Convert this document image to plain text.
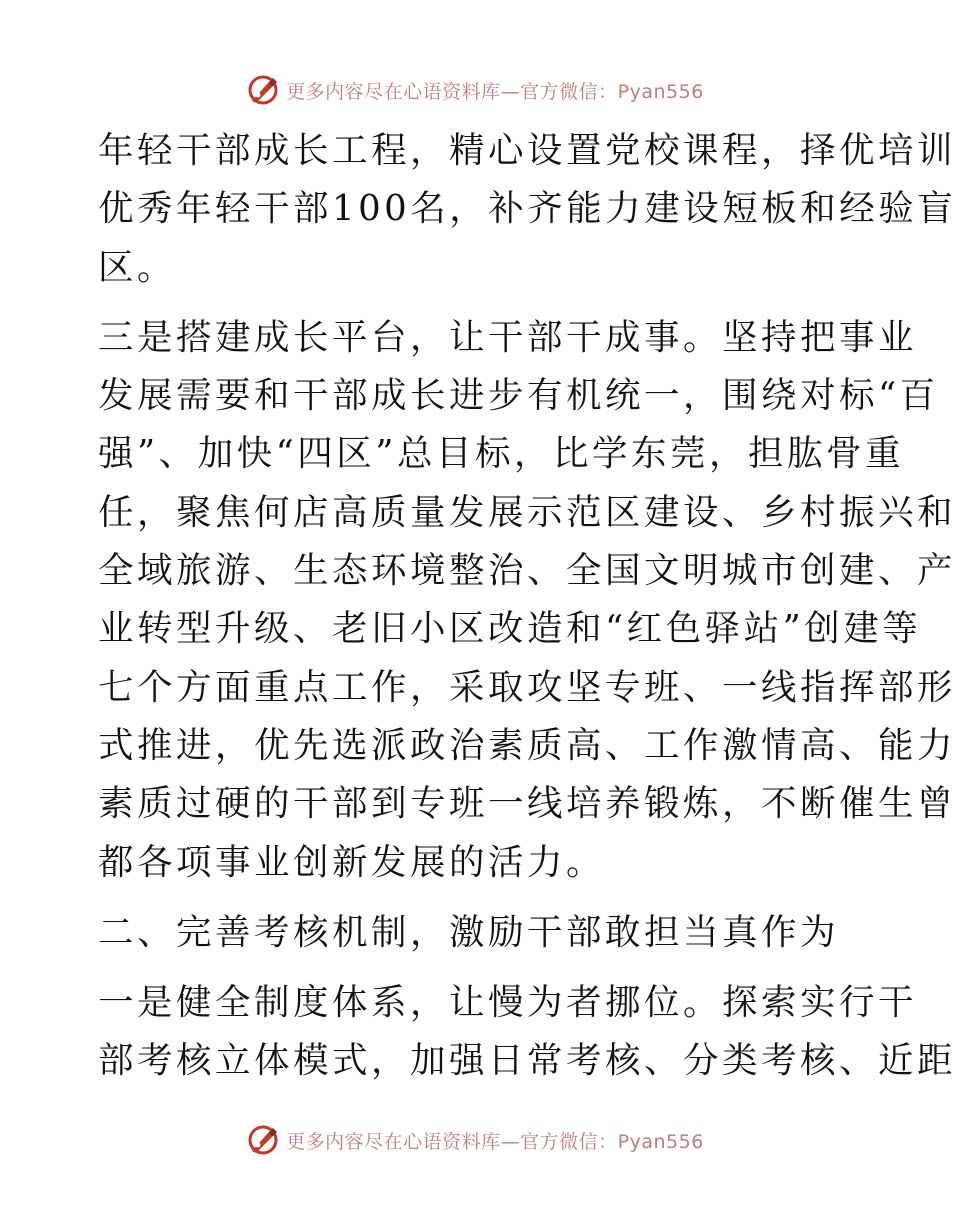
更多内容尽在心语资料库—官方微信：Pyan556
年轻干部成长工程，精心设置党校课程，择优培训
优秀年轻干部100名，补齐能力建设短板和经验盲
区。
三是搭建成长平台，让干部干成事。坚持把事业
发展需要和干部成长进步有机统一，围绕对标“百
强”、加快“四区”总目标，比学东莞，担肱骨重
任，聚焦何店高质量发展示范区建设、乡村振兴和
全域旅游、生态环境整治、全国文明城市创建、产
业转型升级、老旧小区改造和“红色驿站”创建等
七个方面重点工作，采取攻坚专班、一线指挥部形
式推进，优先选派政治素质高、工作激情高、能力
素质过硬的干部到专班一线培养锻炼，不断催生曾
都各项事业创新发展的活力。
二、完善考核机制，激励干部敢担当真作为
一是健全制度体系，让慢为者挪位。探索实行干
部考核立体模式，加强日常考核、分类考核、近距
更多内容尽在心语资料库—官方微信：Pyan556
